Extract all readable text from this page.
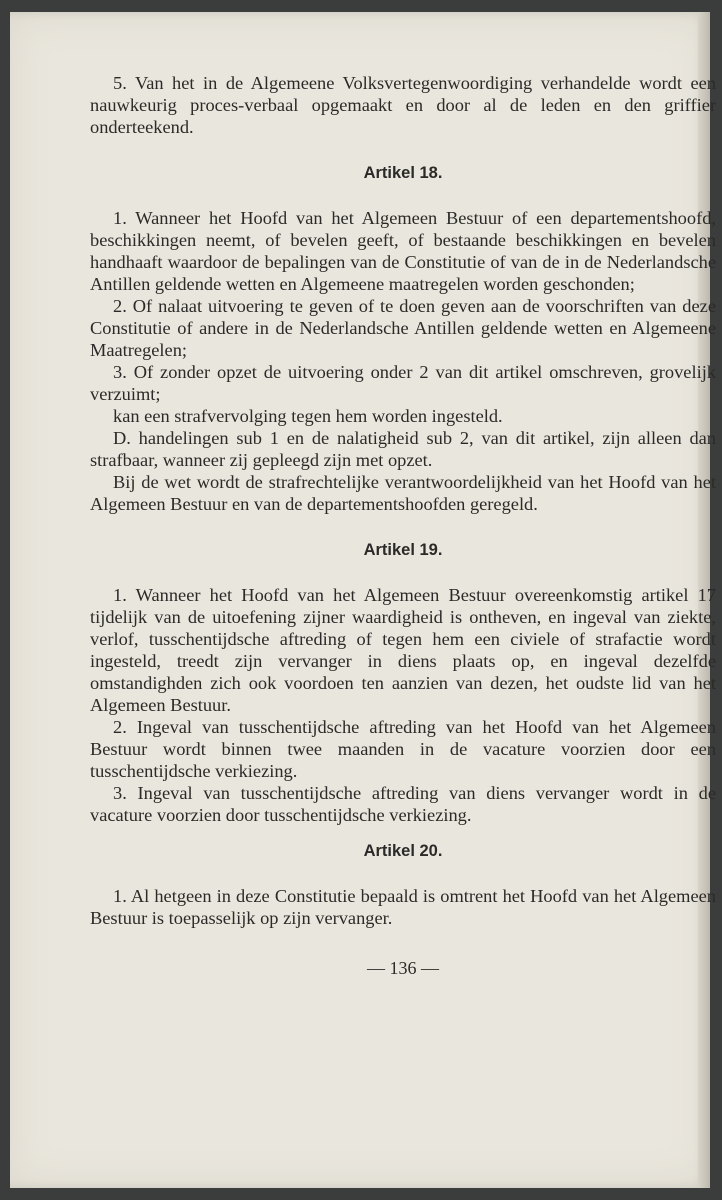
5. Van het in de Algemeene Volksvertegenwoordiging verhandelde wordt een nauwkeurig proces-verbaal opgemaakt en door al de leden en den griffier onderteekend.

Artikel 18.

1. Wanneer het Hoofd van het Algemeen Bestuur of een departementshoofd, beschikkingen neemt, of bevelen geeft, of bestaande beschikkingen en bevelen handhaaft waardoor de bepalingen van de Constitutie of van de in de Nederlandsche Antillen geldende wetten en Algemeene maatregelen worden geschonden;

2. Of nalaat uitvoering te geven of te doen geven aan de voorschriften van deze Constitutie of andere in de Nederlandsche Antillen geldende wetten en Algemeene Maatregelen;

3. Of zonder opzet de uitvoering onder 2 van dit artikel omschreven, grovelijk verzuimt;

kan een strafvervolging tegen hem worden ingesteld.

D. handelingen sub 1 en de nalatigheid sub 2, van dit artikel, zijn alleen dan strafbaar, wanneer zij gepleegd zijn met opzet.

Bij de wet wordt de strafrechtelijke verantwoordelijkheid van het Hoofd van het Algemeen Bestuur en van de departementshoofden geregeld.

Artikel 19.

1. Wanneer het Hoofd van het Algemeen Bestuur overeenkomstig artikel 17 tijdelijk van de uitoefening zijner waardigheid is ontheven, en ingeval van ziekte, verlof, tusschentijdsche aftreding of tegen hem een civiele of strafactie wordt ingesteld, treedt zijn vervanger in diens plaats op, en ingeval dezelfde omstandighden zich ook voordoen ten aanzien van dezen, het oudste lid van het Algemeen Bestuur.

2. Ingeval van tusschentijdsche aftreding van het Hoofd van het Algemeen Bestuur wordt binnen twee maanden in de vacature voorzien door een tusschentijdsche verkiezing.

3. Ingeval van tusschentijdsche aftreding van diens vervanger wordt in de vacature voorzien door tusschentijdsche verkiezing.

Artikel 20.

1. Al hetgeen in deze Constitutie bepaald is omtrent het Hoofd van het Algemeen Bestuur is toepasselijk op zijn vervanger.

— 136 —
